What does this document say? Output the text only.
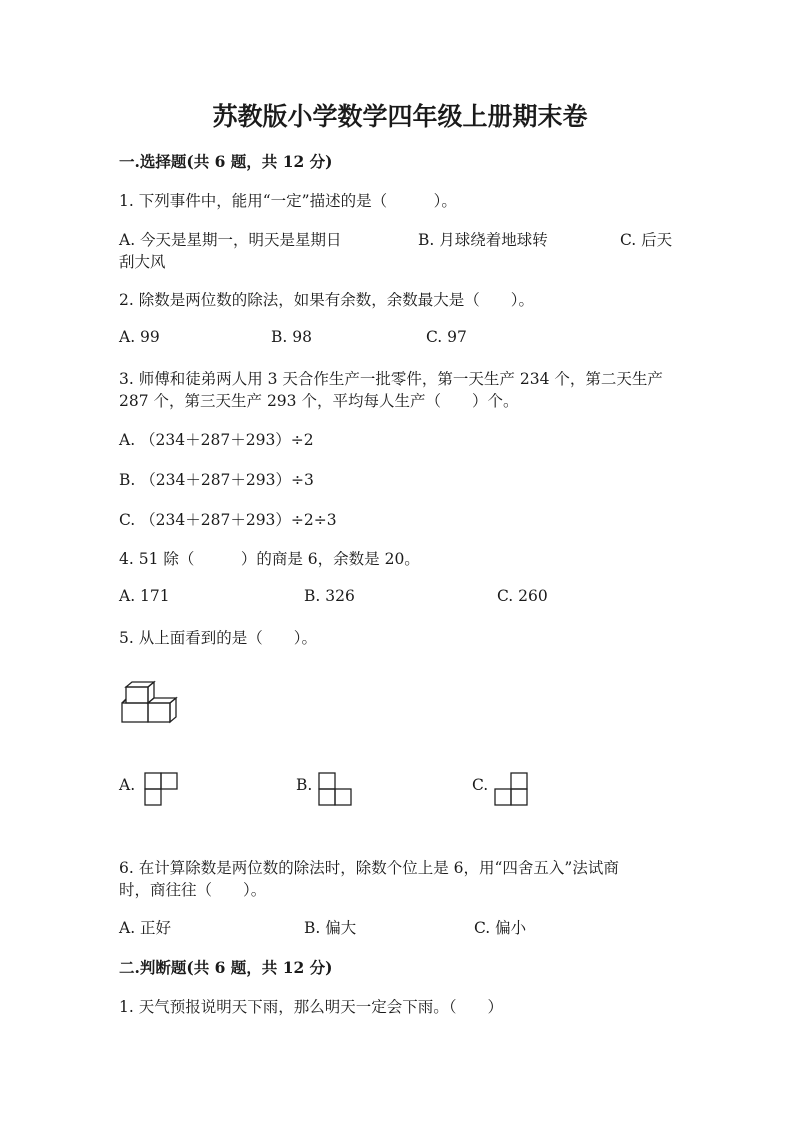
苏教版小学数学四年级上册期末卷
一.选择题(共 6 题，共 12 分)
1. 下列事件中，能用“一定”描述的是（　　　）。
A. 今天是星期一，明天是星期日	B. 月球绕着地球转	C. 后天
刮大风
2. 除数是两位数的除法，如果有余数，余数最大是（　　）。
A. 99	B. 98	C. 97
3. 师傅和徒弟两人用 3 天合作生产一批零件，第一天生产 234 个，第二天生产
287 个，第三天生产 293 个，平均每人生产（　　）个。
A. （234＋287＋293）÷2
B. （234＋287＋293）÷3
C. （234＋287＋293）÷2÷3
4. 51 除（　　　）的商是 6，余数是 20。
A. 171	B. 326	C. 260
5. 从上面看到的是（　　）。
A.	B.	C.
6. 在计算除数是两位数的除法时，除数个位上是 6，用“四舍五入”法试商
时，商往往（　　）。
A. 正好	B. 偏大	C. 偏小
二.判断题(共 6 题，共 12 分)
1. 天气预报说明天下雨，那么明天一定会下雨。（　　）
